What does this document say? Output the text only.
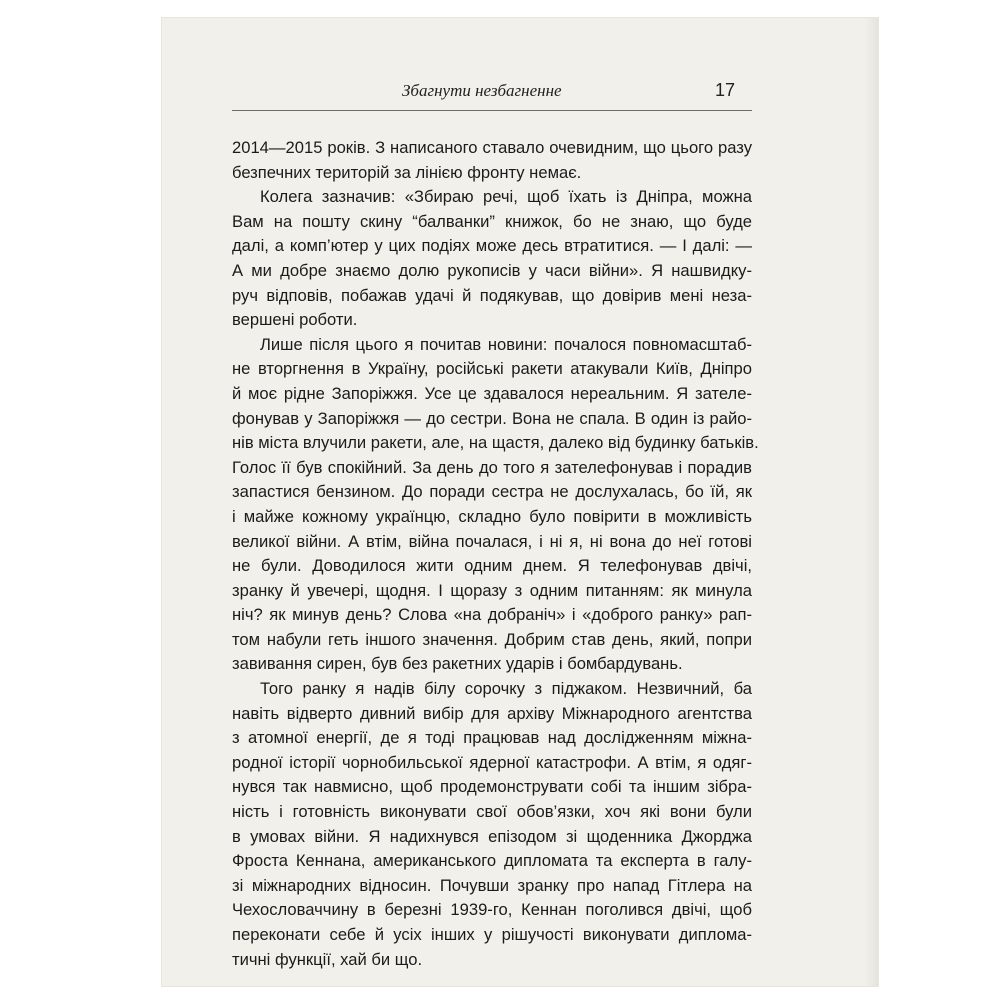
Збагнути незбагненне	17
2014—2015 років. З написаного ставало очевидним, що цього разу
безпечних територій за лінією фронту немає.
Колега зазначив: «Збираю речі, щоб їхать із Дніпра, можна
Вам на пошту скину “балванки” книжок, бо не знаю, що буде
далі, а комп’ютер у цих подіях може десь втратитися. — І далі: —
А ми добре знаємо долю рукописів у часи війни». Я нашвидку-
руч відповів, побажав удачі й подякував, що довірив мені неза-
вершені роботи.
Лише після цього я почитав новини: почалося повномасштаб-
не вторгнення в Україну, російські ракети атакували Київ, Дніпро
й моє рідне Запоріжжя. Усе це здавалося нереальним. Я зателе-
фонував у Запоріжжя — до сестри. Вона не спала. В один із райо-
нів міста влучили ракети, але, на щастя, далеко від будинку батьків.
Голос її був спокійний. За день до того я зателефонував і порадив
запастися бензином. До поради сестра не дослухалась, бо їй, як
і майже кожному українцю, складно було повірити в можливість
великої війни. А втім, війна почалася, і ні я, ні вона до неї готові
не були. Доводилося жити одним днем. Я телефонував двічі,
зранку й увечері, щодня. І щоразу з одним питанням: як минула
ніч? як минув день? Слова «на добраніч» і «доброго ранку» рап-
том набули геть іншого значення. Добрим став день, який, попри
завивання сирен, був без ракетних ударів і бомбардувань.
Того ранку я надів білу сорочку з піджаком. Незвичний, ба
навіть відверто дивний вибір для архіву Міжнародного агентства
з атомної енергії, де я тоді працював над дослідженням міжна-
родної історії чорнобильської ядерної катастрофи. А втім, я одяг-
нувся так навмисно, щоб продемонструвати собі та іншим зібра-
ність і готовність виконувати свої обов’язки, хоч які вони були
в умовах війни. Я надихнувся епізодом зі щоденника Джорджа
Фроста Кеннана, американського дипломата та експерта в галу-
зі міжнародних відносин. Почувши зранку про напад Гітлера на
Чехословаччину в березні 1939-го, Кеннан поголився двічі, щоб
переконати себе й усіх інших у рішучості виконувати диплома-
тичні функції, хай би що.
